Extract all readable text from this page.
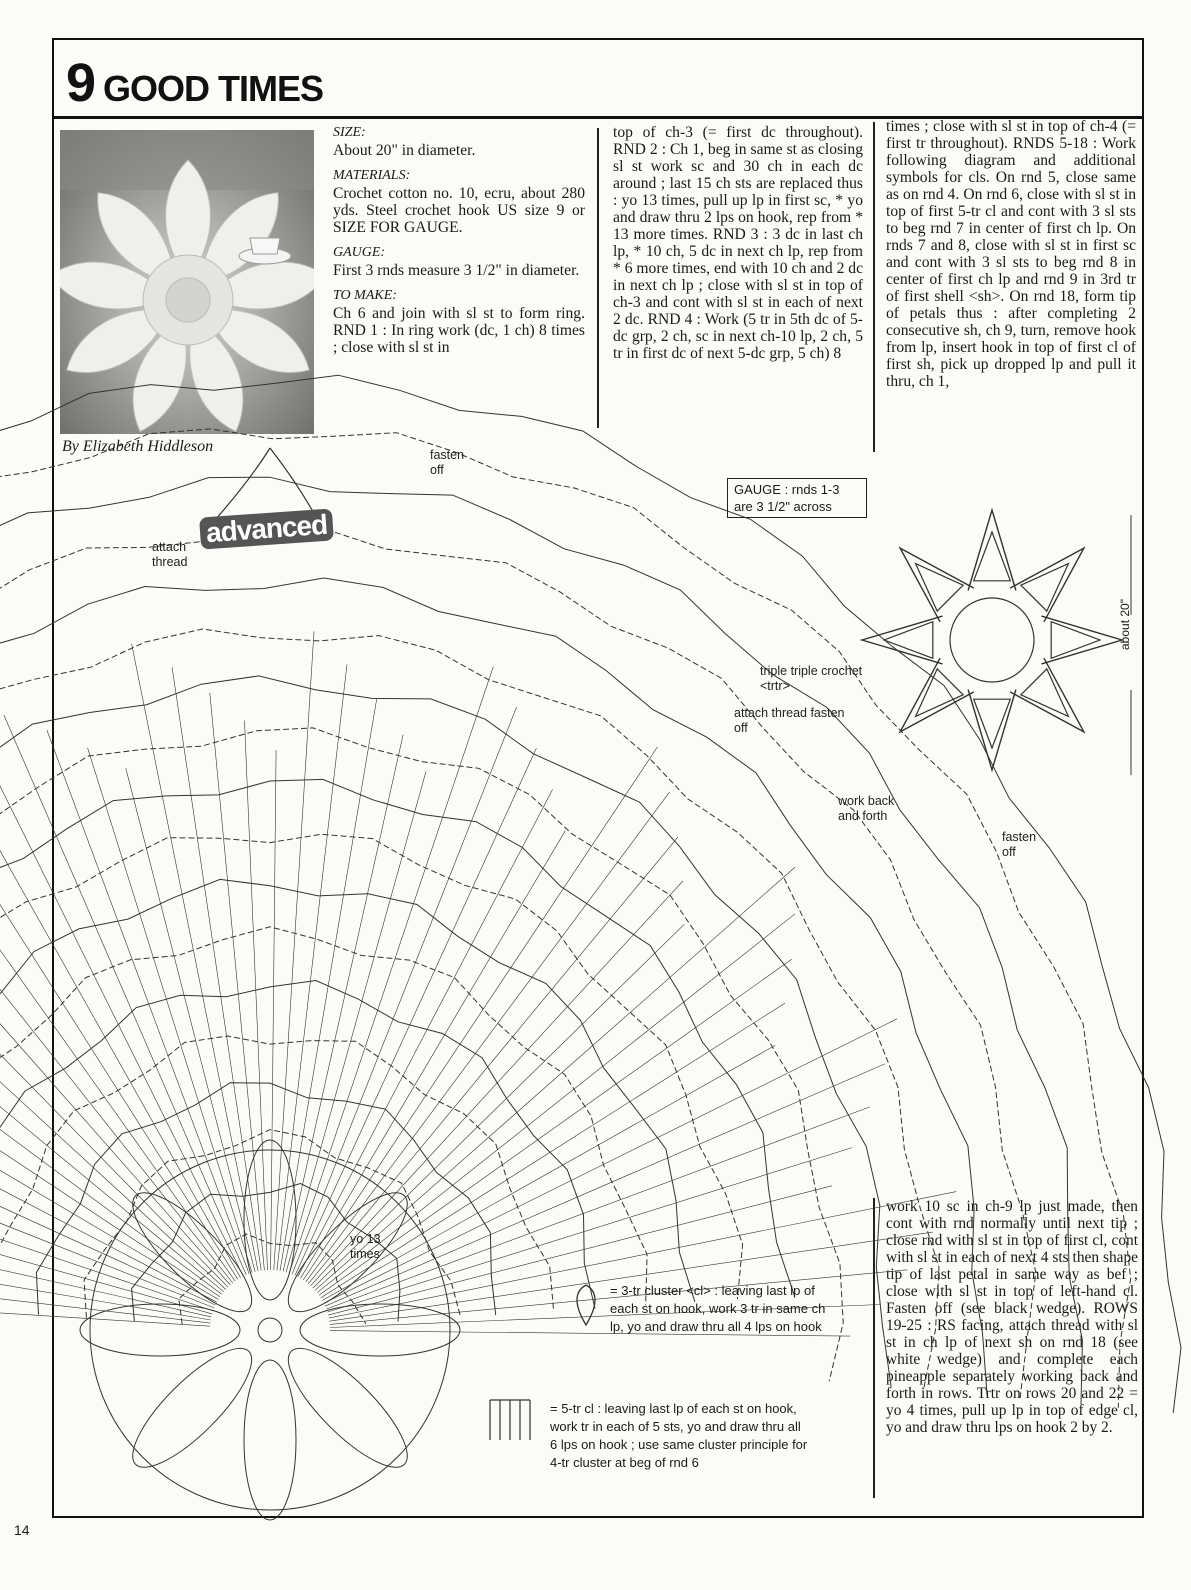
9 GOOD TIMES
By Elizabeth Hiddleson
SIZE:

About 20" in diameter.

MATERIALS:

Crochet cotton no. 10, ecru, about 280 yds. Steel crochet hook US size 9 or SIZE FOR GAUGE.

GAUGE:

First 3 rnds measure 3 1/2" in diameter.

TO MAKE:

Ch 6 and join with sl st to form ring. RND 1 : In ring work (dc, 1 ch) 8 times ; close with sl st in

top of ch-3 (= first dc throughout). RND 2 : Ch 1, beg in same st as closing sl st work sc and 30 ch in each dc around ; last 15 ch sts are replaced thus : yo 13 times, pull up lp in first sc, * yo and draw thru 2 lps on hook, rep from * 13 more times. RND 3 : 3 dc in last ch lp, * 10 ch, 5 dc in next ch lp, rep from * 6 more times, end with 10 ch and 2 dc in next ch lp ; close with sl st in top of ch-3 and cont with sl st in each of next 2 dc. RND 4 : Work (5 tr in 5th dc of 5-dc grp, 2 ch, sc in next ch-10 lp, 2 ch, 5 tr in first dc of next 5-dc grp, 5 ch) 8

times ; close with sl st in top of ch-4 (= first tr throughout). RNDS 5-18 : Work following diagram and additional symbols for cls. On rnd 5, close same as on rnd 4. On rnd 6, close with sl st in top of first 5-tr cl and cont with 3 sl sts to beg rnd 7 in center of first ch lp. On rnds 7 and 8, close with sl st in first sc and cont with 3 sl sts to beg rnd 8 in center of first ch lp and rnd 9 in 3rd tr of first shell <sh>. On rnd 18, form tip of petals thus : after completing 2 consecutive sh, ch 9, turn, remove hook from lp, insert hook in top of first cl of first sh, pick up dropped lp and pull it thru, ch 1,

work 10 sc in ch-9 lp just made, then cont with rnd normally until next tip ; close rnd with sl st in top of first cl, cont with sl st in each of next 4 sts then shape tip of last petal in same way as bef ; close with sl st in top of left-hand cl. Fasten off (see black wedge). ROWS 19-25 : RS facing, attach thread with sl st in ch lp of next sh on rnd 18 (see white wedge) and complete each pineapple separately working back and forth in rows. Trtr on rows 20 and 22 = yo 4 times, pull up lp in top of edge cl, yo and draw thru lps on hook 2 by 2.

advanced
GAUGE : rnds 1-3 are 3 1/2" across
fasten off
attach thread
triple triple crochet <trtr>
attach thread fasten off
work back and forth
fasten off
yo 13 times
about 20"
= 3-tr cluster <cl> : leaving last lp of each st on hook, work 3 tr in same ch lp, yo and draw thru all 4 lps on hook
= 5-tr cl : leaving last lp of each st on hook, work tr in each of 5 sts, yo and draw thru all 6 lps on hook ; use same cluster principle for 4-tr cluster at beg of rnd 6
14
